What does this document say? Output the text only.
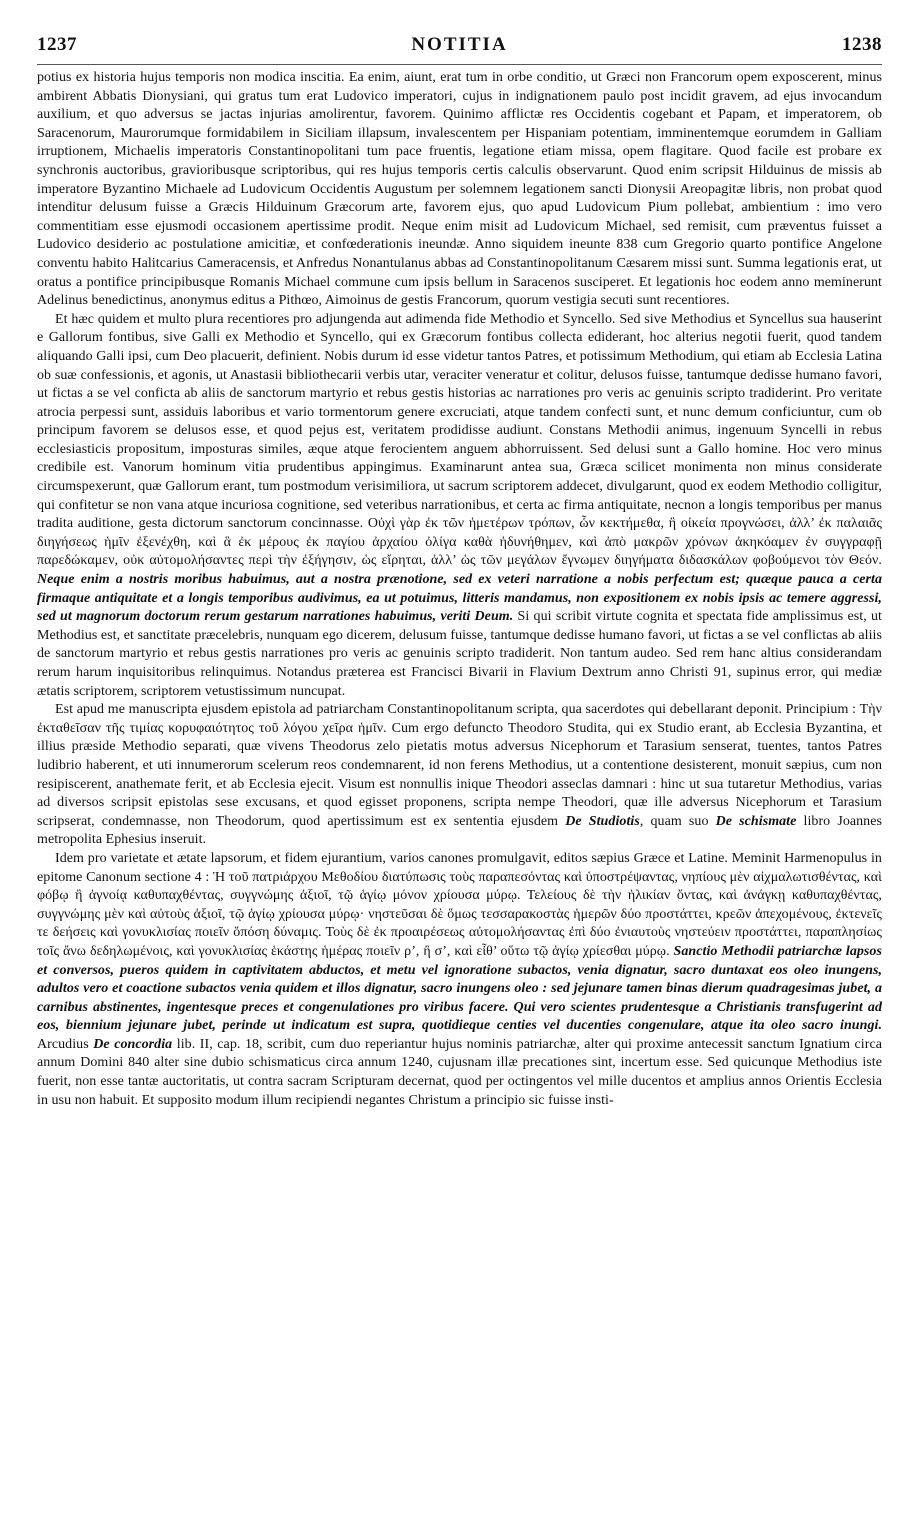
1237	NOTITIA	1238

potius ex historia hujus temporis non modica inscitia. Ea enim, aiunt, erat tum in orbe conditio, ut Græci non Francorum opem exposcerent, minus ambirent Abbatis Dionysiani, qui gratus tum erat Ludovico imperatori, cujus in indignationem paulo post incidit gravem, ad ejus invocandum auxilium, et quo adversus se jactas injurias amolirentur, favorem. Quinimo afflictæ res Occidentis cogebant et Papam, et imperatorem, ob Saracenorum, Maurorumque formidabilem in Siciliam illapsum, invalescentem per Hispaniam potentiam, imminentemque eorumdem in Galliam irruptionem, Michaelis imperatoris Constantinopolitani tum pace fruentis, legatione etiam missa, opem flagitare. Quod facile est probare ex synchronis auctoribus, gravioribusque scriptoribus, qui res hujus temporis certis calculis observarunt. Quod enim scripsit Hilduinus de missis ab imperatore Byzantino Michaele ad Ludovicum Occidentis Augustum per solemnem legationem sancti Dionysii Areopagitæ libris, non probat quod intenditur delusum fuisse a Græcis Hilduinum Græcorum arte, favorem ejus, quo apud Ludovicum Pium pollebat, ambientium : imo vero commentitiam esse ejusmodi occasionem apertissime prodit. Neque enim misit ad Ludovicum Michael, sed remisit, cum præventus fuisset a Ludovico desiderio ac postulatione amicitiæ, et confœderationis ineundæ. Anno siquidem ineunte 838 cum Gregorio quarto pontifice Angelone conventu habito Halitcarius Cameracensis, et Anfredus Nonantulanus abbas ad Constantinopolitanum Cæsarem missi sunt. Summa legationis erat, ut oratus a pontifice principibusque Romanis Michael commune cum ipsis bellum in Saracenos susciperet. Et legationis hoc eodem anno meminerunt Adelinus benedictinus, anonymus editus a Pithœo, Aimoinus de gestis Francorum, quorum vestigia secuti sunt recentiores.

Et hæc quidem et multo plura recentiores pro adjungenda aut adimenda fide Methodio et Syncello. Sed sive Methodius et Syncellus sua hauserint e Gallorum fontibus, sive Galli ex Methodio et Syncello, qui ex Græcorum fontibus collecta ediderant, hoc alterius negotii fuerit, quod tandem aliquando Galli ipsi, cum Deo placuerit, definient. Nobis durum id esse videtur tantos Patres, et potissimum Methodium, qui etiam ab Ecclesia Latina ob suæ confessionis, et agonis, ut Anastasii bibliothecarii verbis utar, veraciter veneratur et colitur, delusos fuisse, tantumque dedisse humano favori, ut fictas a se vel conficta ab aliis de sanctorum martyrio et rebus gestis historias ac narrationes pro veris ac genuinis scripto tradiderint. Pro veritate atrocia perpessi sunt, assiduis laboribus et vario tormentorum genere excruciati, atque tandem confecti sunt, et nunc demum conficiuntur, cum ob principum favorem se delusos esse, et quod pejus est, veritatem prodidisse audiunt. Constans Methodii animus, ingenuum Syncelli in rebus ecclesiasticis propositum, imposturas similes, æque atque ferocientem anguem abhorruissent. Sed delusi sunt a Gallo homine. Hoc vero minus credibile est. Vanorum hominum vitia prudentibus appingimus. Examinarunt antea sua, Græca scilicet monimenta non minus considerate circumspexerunt, quæ Gallorum erant, tum postmodum verisimiliora, ut sacrum scriptorem addecet, divulgarunt, quod ex eodem Methodio colligitur, qui confitetur se non vana atque incuriosa cognitione, sed veteribus narrationibus, et certa ac firma antiquitate, necnon a longis temporibus per manus tradita auditione, gesta dictorum sanctorum concinnasse. Οὐχὶ γὰρ ἐκ τῶν ἡμετέρων τρόπων, ὧν κεκτήμεθα, ἢ οἰκεία προγνώσει, ἀλλ’ ἐκ παλαιᾶς διηγήσεως ἡμῖν ἐξενέχθη, καὶ ἃ ἐκ μέρους ἐκ παγίου ἀρχαίου ὀλίγα καθὰ ἠδυνήθημεν, καὶ ἀπὸ μακρῶν χρόνων ἀκηκόαμεν ἐν συγγραφῇ παρεδώκαμεν, οὐκ αὐτομολήσαντες περὶ τὴν ἐξήγησιν, ὡς εἴρηται, ἀλλ’ ὡς τῶν μεγάλων ἔγνωμεν διηγήματα διδασκάλων φοβούμενοι τὸν Θεόν. Neque enim a nostris moribus habuimus, aut a nostra prænotione, sed ex veteri narratione a nobis perfectum est; quæque pauca a certa firmaque antiquitate et a longis temporibus audivimus, ea ut potuimus, litteris mandamus, non expositionem ex nobis ipsis ac temere aggressi, sed ut magnorum doctorum rerum gestarum narrationes habuimus, veriti Deum. Si qui scribit virtute cognita et spectata fide amplissimus est, ut Methodius est, et sanctitate præcelebris, nunquam ego dicerem, delusum fuisse, tantumque dedisse humano favori, ut fictas a se vel conflictas ab aliis de sanctorum martyrio et rebus gestis narrationes pro veris ac genuinis scripto tradiderit. Non tantum audeo. Sed rem hanc altius considerandam rerum harum inquisitoribus relinquimus. Notandus præterea est Francisci Bivarii in Flavium Dextrum anno Christi 91, supinus error, qui mediæ ætatis scriptorem, scriptorem vetustissimum nuncupat.

Est apud me manuscripta ejusdem epistola ad patriarcham Constantinopolitanum scripta, qua sacerdotes qui debellarant deponit. Principium : Τὴν ἐκταθεῖσαν τῆς τιμίας κορυφαιότητος τοῦ λόγου χεῖρα ἡμῖν. Cum ergo defuncto Theodoro Studita, qui ex Studio erant, ab Ecclesia Byzantina, et illius præside Methodio separati, quæ vivens Theodorus zelo pietatis motus adversus Nicephorum et Tarasium senserat, tuentes, tantos Patres ludibrio haberent, et uti innumerorum scelerum reos condemnarent, id non ferens Methodius, ut a contentione desisterent, monuit sæpius, cum non resipiscerent, anathemate ferit, et ab Ecclesia ejecit. Visum est nonnullis inique Theodori asseclas damnari : hinc ut sua tutaretur Methodius, varias ad diversos scripsit epistolas sese excusans, et quod egisset proponens, scripta nempe Theodori, quæ ille adversus Nicephorum et Tarasium scripserat, condemnasse, non Theodorum, quod apertissimum est ex sententia ejusdem De Studiotis, quam suo De schismate libro Joannes metropolita Ephesius inseruit.

Idem pro varietate et ætate lapsorum, et fidem ejurantium, varios canones promulgavit, editos sæpius Græce et Latine. Meminit Harmenopulus in epitome Canonum sectione 4 : Ἡ τοῦ πατριάρχου Μεθοδίου διατύπωσις τοὺς παραπεσόντας καὶ ὑποστρέψαντας, νηπίους μὲν αἰχμαλωτισθέντας, καὶ φόβῳ ἢ ἀγνοίᾳ καθυπαχθέντας, συγγνώμης ἀξιοῖ, τῷ ἁγίῳ μόνον χρίουσα μύρῳ. Τελείους δὲ τὴν ἡλικίαν ὄντας, καὶ ἀνάγκῃ καθυπαχθέντας, συγγνώμης μὲν καὶ αὐτοὺς ἀξιοῖ, τῷ ἁγίῳ χρίουσα μύρῳ· νηστεῦσαι δὲ ὅμως τεσσαρακοστὰς ἡμερῶν δύο προστάττει, κρεῶν ἀπεχομένους, ἐκτενεῖς τε δεήσεις καὶ γονυκλισίας ποιεῖν ὅπόση δύναμις. Τοὺς δὲ ἐκ προαιρέσεως αὐτομολήσαντας ἐπὶ δύο ἐνιαυτοὺς νηστεύειν προστάττει, παραπλησίως τοῖς ἄνω δεδηλωμένοις, καὶ γονυκλισίας ἑκάστης ἡμέρας ποιεῖν ρ’, ἢ σ’, καὶ εἶθ’ οὕτω τῷ ἁγίῳ χρίεσθαι μύρῳ. Sanctio Methodii patriarchæ lapsos et conversos, pueros quidem in captivitatem abductos, et metu vel ignoratione subactos, venia dignatur, sacro duntaxat eos oleo inungens, adultos vero et coactione subactos venia quidem et illos dignatur, sacro inungens oleo : sed jejunare tamen binas dierum quadragesimas jubet, a carnibus abstinentes, ingentesque preces et congenulationes pro viribus facere. Qui vero scientes prudentesque a Christianis transfugerint ad eos, biennium jejunare jubet, perinde ut indicatum est supra, quotidieque centies vel ducenties congenulare, atque ita oleo sacro inungi. Arcudius De concordia lib. II, cap. 18, scribit, cum duo reperiantur hujus nominis patriarchæ, alter qui proxime antecessit sanctum Ignatium circa annum Domini 840 alter sine dubio schismaticus circa annum 1240, cujusnam illæ precationes sint, incertum esse. Sed quicunque Methodius iste fuerit, non esse tantæ auctoritatis, ut contra sacram Scripturam decernat, quod per octingentos vel mille ducentos et amplius annos Orientis Ecclesia in usu non habuit. Et supposito modum illum recipiendi negantes Christum a principio sic fuisse insti-
